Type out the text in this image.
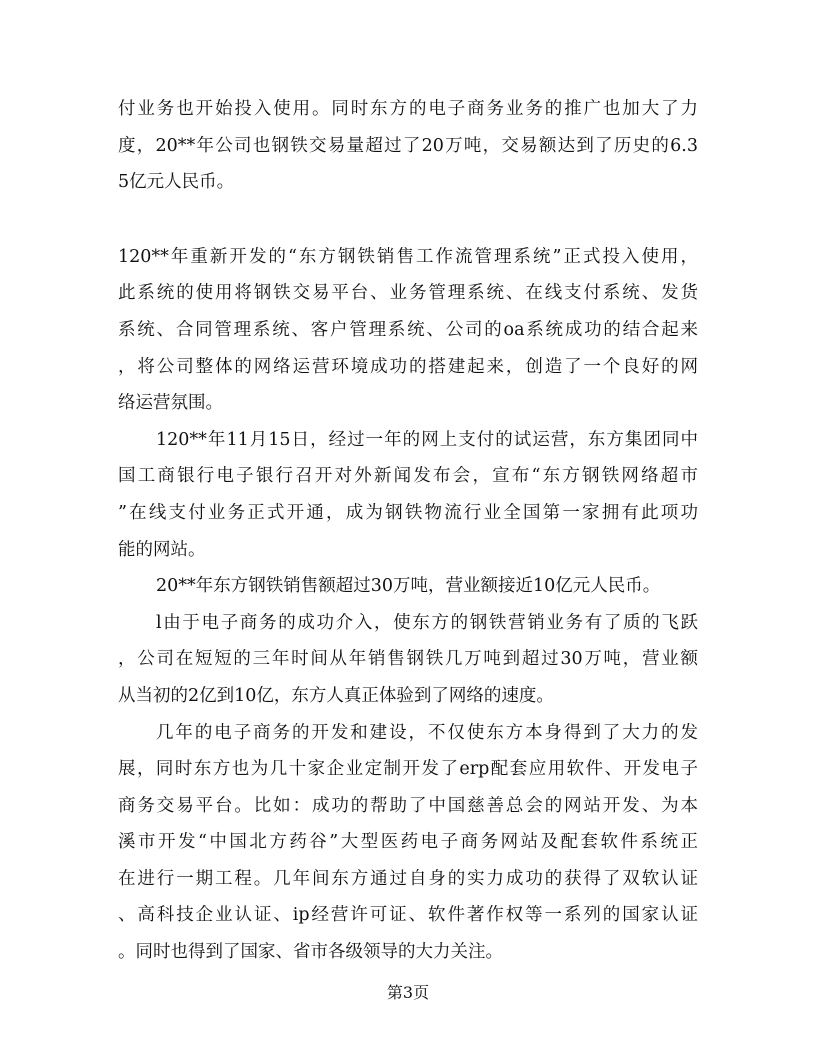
付业务也开始投入使用。同时东方的电子商务业务的推广也加大了力
度，20**年公司也钢铁交易量超过了20万吨，交易额达到了历史的6.3
5亿元人民币。
120**年重新开发的“东方钢铁销售工作流管理系统”正式投入使用，
此系统的使用将钢铁交易平台、业务管理系统、在线支付系统、发货
系统、合同管理系统、客户管理系统、公司的oa系统成功的结合起来
，将公司整体的网络运营环境成功的搭建起来，创造了一个良好的网
络运营氛围。
120**年11月15日，经过一年的网上支付的试运营，东方集团同中
国工商银行电子银行召开对外新闻发布会，宣布“东方钢铁网络超市
”在线支付业务正式开通，成为钢铁物流行业全国第一家拥有此项功
能的网站。
20**年东方钢铁销售额超过30万吨，营业额接近10亿元人民币。
l由于电子商务的成功介入，使东方的钢铁营销业务有了质的飞跃
，公司在短短的三年时间从年销售钢铁几万吨到超过30万吨，营业额
从当初的2亿到10亿，东方人真正体验到了网络的速度。
几年的电子商务的开发和建设，不仅使东方本身得到了大力的发
展，同时东方也为几十家企业定制开发了erp配套应用软件、开发电子
商务交易平台。比如：成功的帮助了中国慈善总会的网站开发、为本
溪市开发“中国北方药谷”大型医药电子商务网站及配套软件系统正
在进行一期工程。几年间东方通过自身的实力成功的获得了双软认证
、高科技企业认证、ip经营许可证、软件著作权等一系列的国家认证
。同时也得到了国家、省市各级领导的大力关注。
第3页
